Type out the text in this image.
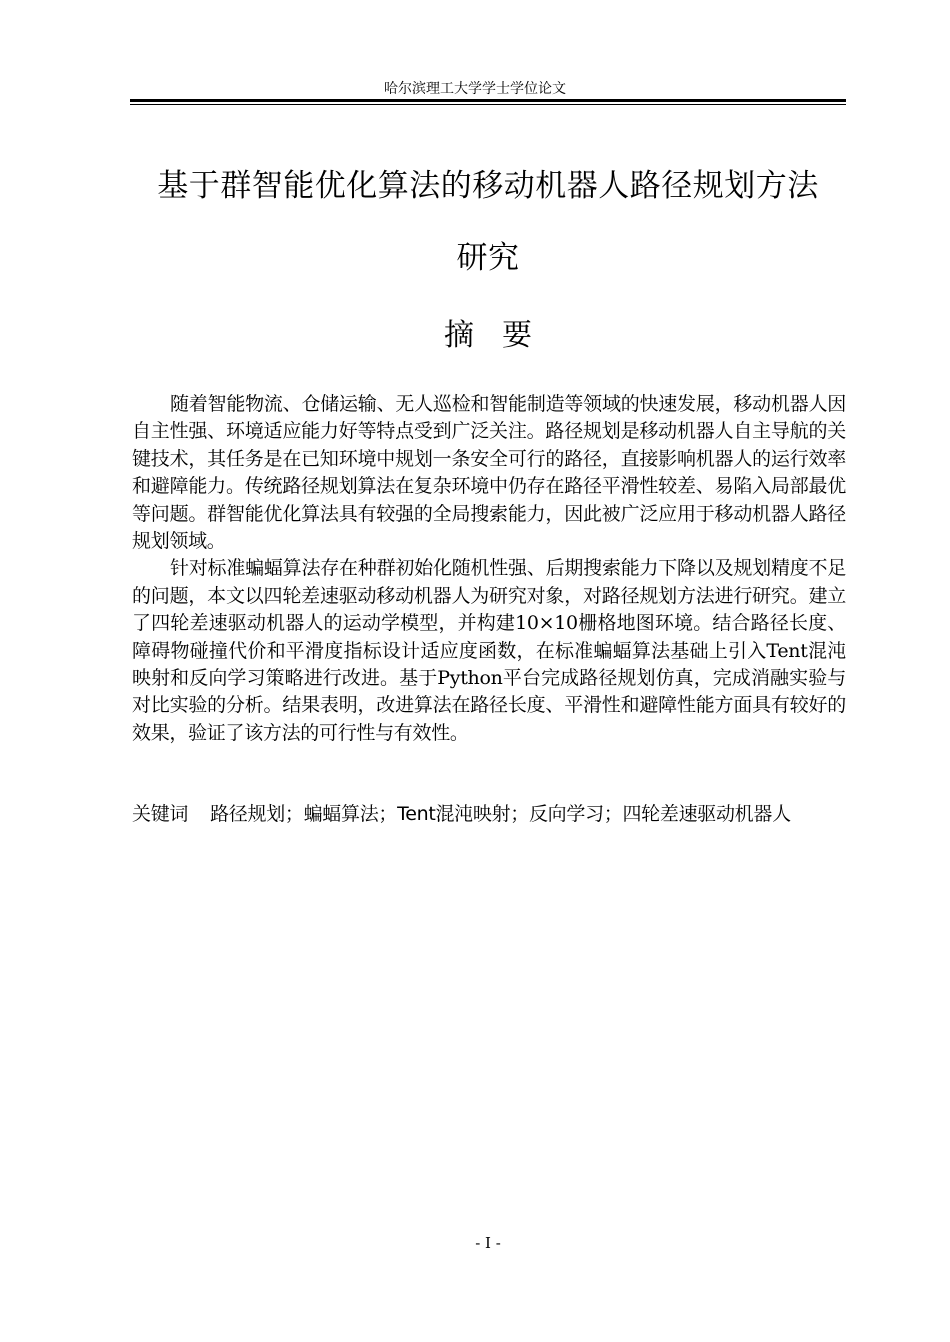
哈尔滨理工大学学士学位论文
基于群智能优化算法的移动机器人路径规划方法
研究
摘要

随着智能物流、仓储运输、无人巡检和智能制造等领域的快速发展，移动机器人因自主性强、环境适应能力好等特点受到广泛关注。路径规划是移动机器人自主导航的关键技术，其任务是在已知环境中规划一条安全可行的路径，直接影响机器人的运行效率和避障能力。传统路径规划算法在复杂环境中仍存在路径平滑性较差、易陷入局部最优等问题。群智能优化算法具有较强的全局搜索能力，因此被广泛应用于移动机器人路径规划领域。

针对标准蝙蝠算法存在种群初始化随机性强、后期搜索能力下降以及规划精度不足的问题，本文以四轮差速驱动移动机器人为研究对象，对路径规划方法进行研究。建立了四轮差速驱动机器人的运动学模型，并构建10×10栅格地图环境。结合路径长度、障碍物碰撞代价和平滑度指标设计适应度函数，在标准蝙蝠算法基础上引入Tent混沌映射和反向学习策略进行改进。基于Python平台完成路径规划仿真，完成消融实验与对比实验的分析。结果表明，改进算法在路径长度、平滑性和避障性能方面具有较好的效果，验证了该方法的可行性与有效性。

关键词 路径规划；蝙蝠算法；Tent混沌映射；反向学习；四轮差速驱动机器人
- I -
